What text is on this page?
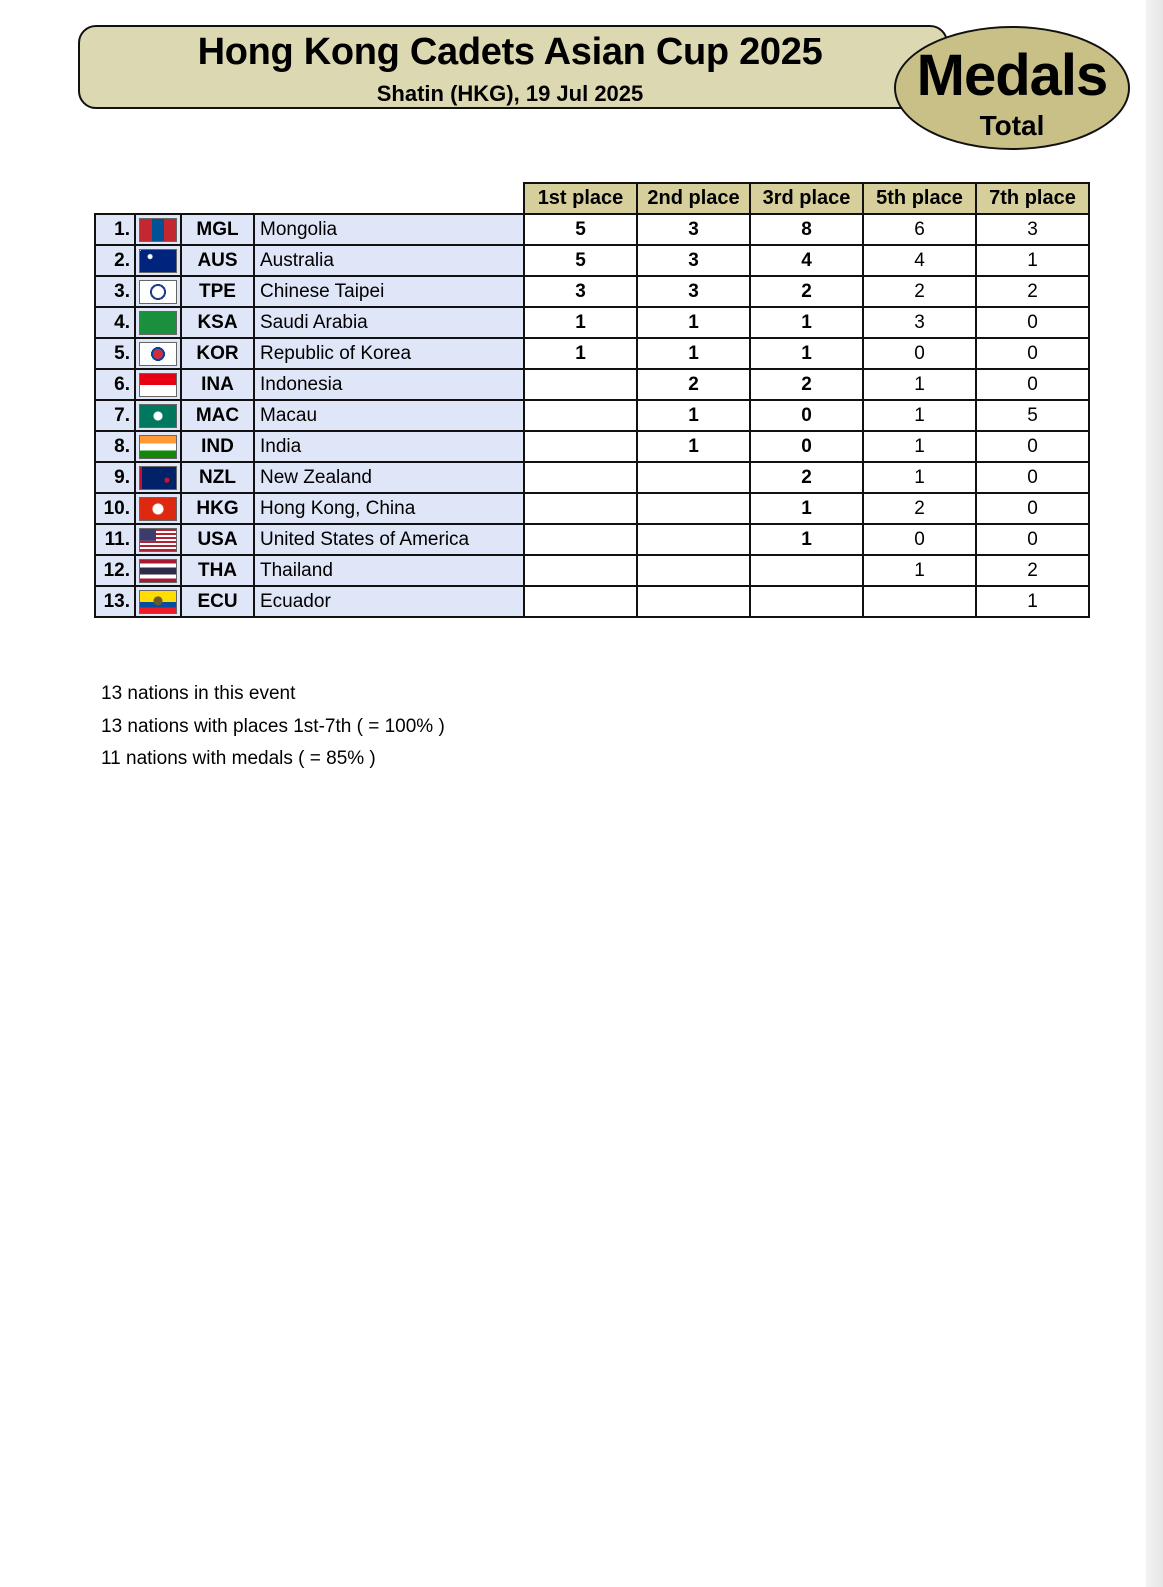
Hong Kong Cadets Asian Cup 2025
Shatin (HKG), 19 Jul 2025	Medals
Total
				1st place	2nd place	3rd place	5th place	7th place
1.		MGL	Mongolia	5	3	8	6	3
2.		AUS	Australia	5	3	4	4	1
3.		TPE	Chinese Taipei	3	3	2	2	2
4.		KSA	Saudi Arabia	1	1	1	3	0
5.		KOR	Republic of Korea	1	1	1	0	0
6.		INA	Indonesia		2	2	1	0
7.		MAC	Macau		1	0	1	5
8.		IND	India		1	0	1	0
9.		NZL	New Zealand			2	1	0
10.		HKG	Hong Kong, China			1	2	0
11.		USA	United States of America			1	0	0
12.		THA	Thailand				1	2
13.		ECU	Ecuador					1
13 nations in this event
13 nations with places 1st-7th ( = 100% )
11 nations with medals ( = 85% )
